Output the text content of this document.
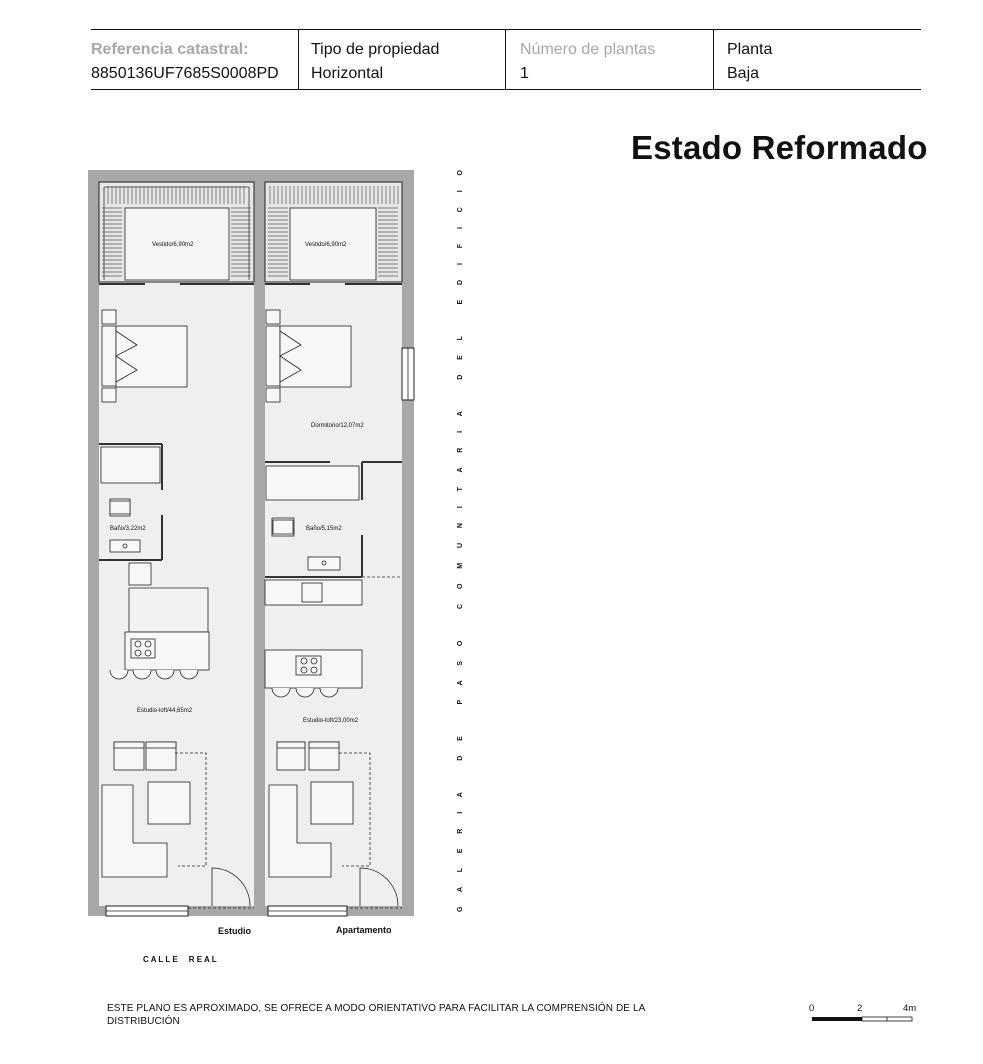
Referencia catastral:
8850136UF7685S0008PD
Tipo de propiedad
Horizontal
Número de plantas
1
Planta
Baja
Estado Reformado
Vestido/6,90m2	Vestido/6,90m2
Dormitorio/12,07m2
Baño/3,22m2	Baño/5,15m2
Estudio-loft/44,65m2
Estudio-loft/23,00m2
Estudio	Apartamento
C A L L E     R E A L
G A L E R I A   D E   P A S O   C O M U N I T A R I A   D E L   E D I F I C I O
ESTE PLANO ES APROXIMADO, SE OFRECE A MODO ORIENTATIVO PARA FACILITAR LA COMPRENSIÓN DE LA DISTRIBUCIÓN
0	2	4m
